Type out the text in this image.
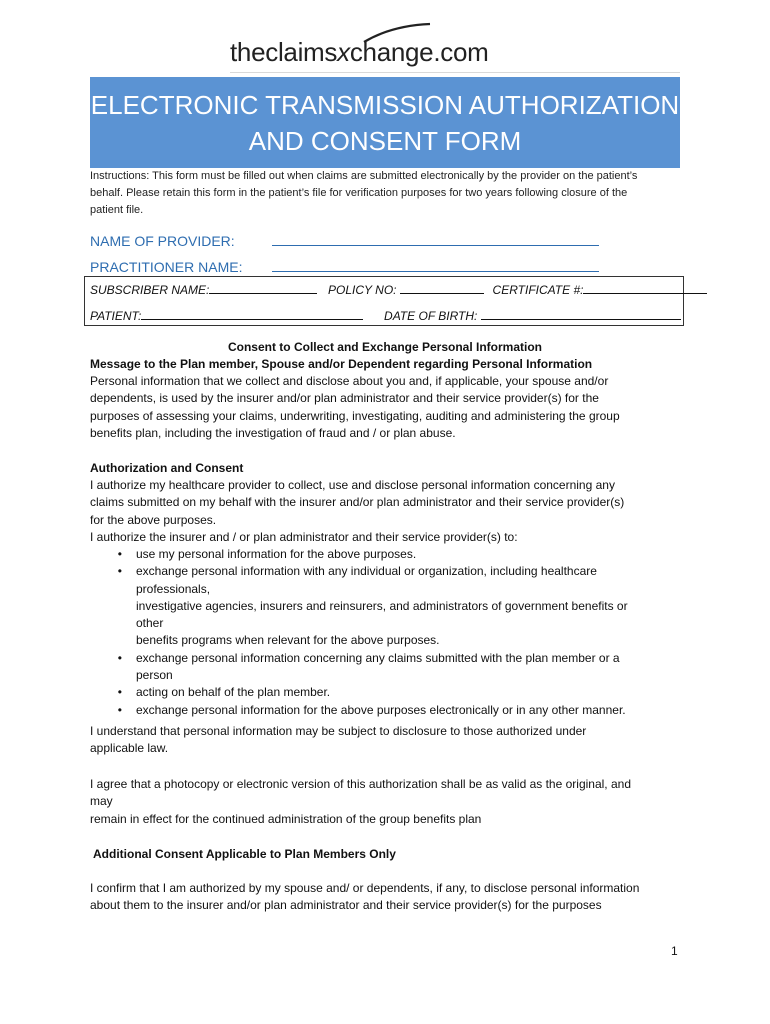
theclaims x change.com
ELECTRONIC TRANSMISSION AUTHORIZATION
AND CONSENT FORM
Instructions: This form must be filled out when claims are submitted electronically by the provider on the patient’s
behalf. Please retain this form in the patient’s file for verification purposes for two years following closure of the
patient file.
NAME OF PROVIDER:
PRACTITIONER NAME:
SUBSCRIBER NAME:	POLICY NO:	CERTIFICATE #:
PATIENT:	DATE OF BIRTH:
Consent to Collect and Exchange Personal Information
Message to the Plan member, Spouse and/or Dependent regarding Personal Information
Personal information that we collect and disclose about you and, if applicable, your spouse and/or
dependents, is used by the insurer and/or plan administrator and their service provider(s) for the
purposes of assessing your claims, underwriting, investigating, auditing and administering the group
benefits plan, including the investigation of fraud and / or plan abuse.
Authorization and Consent
I authorize my healthcare provider to collect, use and disclose personal information concerning any
claims submitted on my behalf with the insurer and/or plan administrator and their service provider(s)
for the above purposes.
I authorize the insurer and / or plan administrator and their service provider(s) to:
•	use my personal information for the above purposes.
•	exchange personal information with any individual or organization, including healthcare
professionals,
investigative agencies, insurers and reinsurers, and administrators of government benefits or
other
benefits programs when relevant for the above purposes.
•	exchange personal information concerning any claims submitted with the plan member or a
person
•	acting on behalf of the plan member.
•	exchange personal information for the above purposes electronically or in any other manner.
I understand that personal information may be subject to disclosure to those authorized under
applicable law.
I agree that a photocopy or electronic version of this authorization shall be as valid as the original, and
may
remain in effect for the continued administration of the group benefits plan
Additional Consent Applicable to Plan Members Only
I confirm that I am authorized by my spouse and/ or dependents, if any, to disclose personal information
about them to the insurer and/or plan administrator and their service provider(s) for the purposes
1
